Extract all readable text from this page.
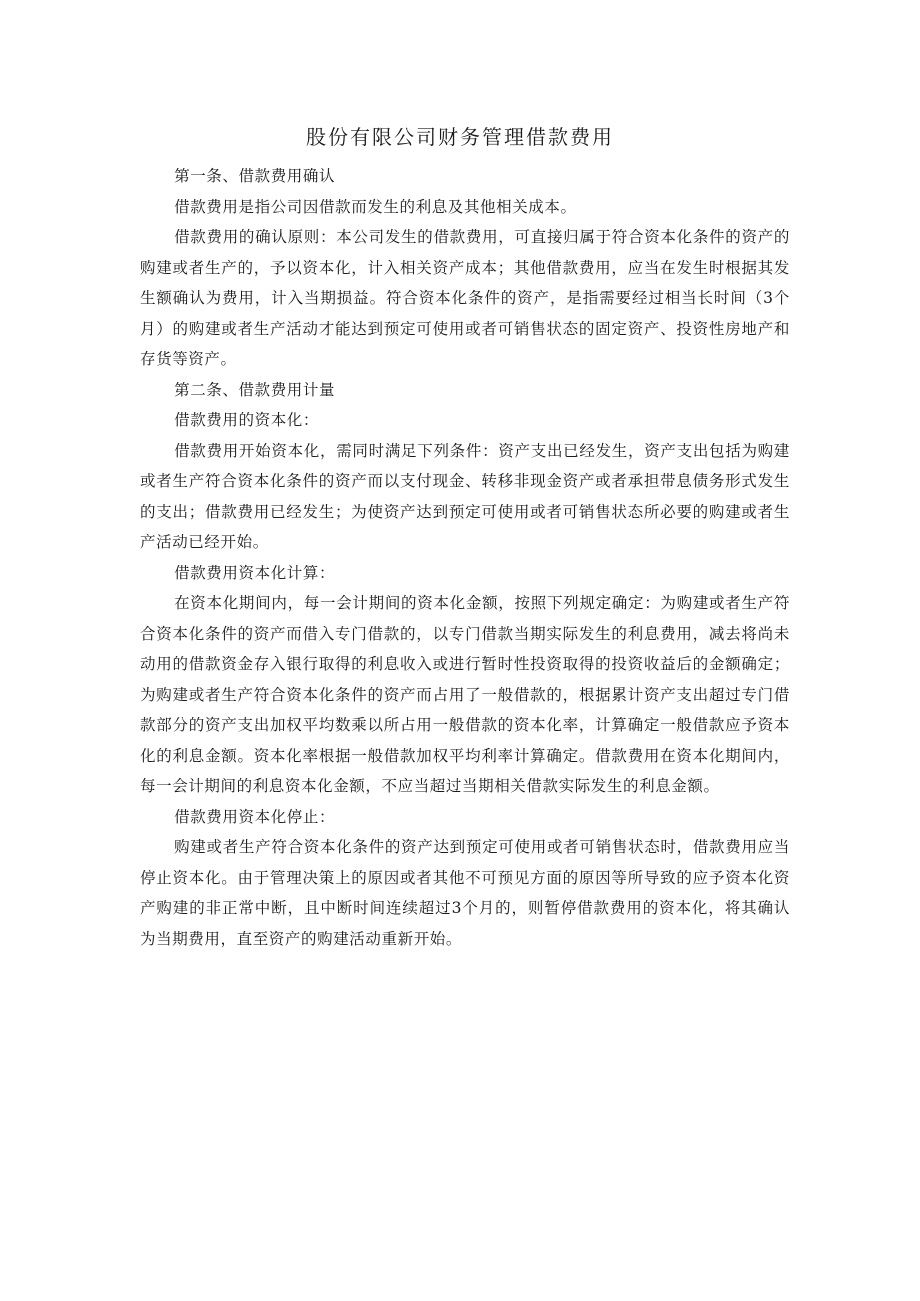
股份有限公司财务管理借款费用

第一条、借款费用确认

借款费用是指公司因借款而发生的利息及其他相关成本。

借款费用的确认原则：本公司发生的借款费用，可直接归属于符合资本化条件的资产的购建或者生产的，予以资本化，计入相关资产成本；其他借款费用，应当在发生时根据其发生额确认为费用，计入当期损益。符合资本化条件的资产，是指需要经过相当长时间（3个月）的购建或者生产活动才能达到预定可使用或者可销售状态的固定资产、投资性房地产和存货等资产。

第二条、借款费用计量

借款费用的资本化：

借款费用开始资本化，需同时满足下列条件：资产支出已经发生，资产支出包括为购建或者生产符合资本化条件的资产而以支付现金、转移非现金资产或者承担带息债务形式发生的支出；借款费用已经发生；为使资产达到预定可使用或者可销售状态所必要的购建或者生产活动已经开始。

借款费用资本化计算：

在资本化期间内，每一会计期间的资本化金额，按照下列规定确定：为购建或者生产符合资本化条件的资产而借入专门借款的，以专门借款当期实际发生的利息费用，减去将尚未动用的借款资金存入银行取得的利息收入或进行暂时性投资取得的投资收益后的金额确定；为购建或者生产符合资本化条件的资产而占用了一般借款的，根据累计资产支出超过专门借款部分的资产支出加权平均数乘以所占用一般借款的资本化率，计算确定一般借款应予资本化的利息金额。资本化率根据一般借款加权平均利率计算确定。借款费用在资本化期间内，每一会计期间的利息资本化金额，不应当超过当期相关借款实际发生的利息金额。

借款费用资本化停止：

购建或者生产符合资本化条件的资产达到预定可使用或者可销售状态时，借款费用应当停止资本化。由于管理决策上的原因或者其他不可预见方面的原因等所导致的应予资本化资产购建的非正常中断，且中断时间连续超过3个月的，则暂停借款费用的资本化，将其确认为当期费用，直至资产的购建活动重新开始。
